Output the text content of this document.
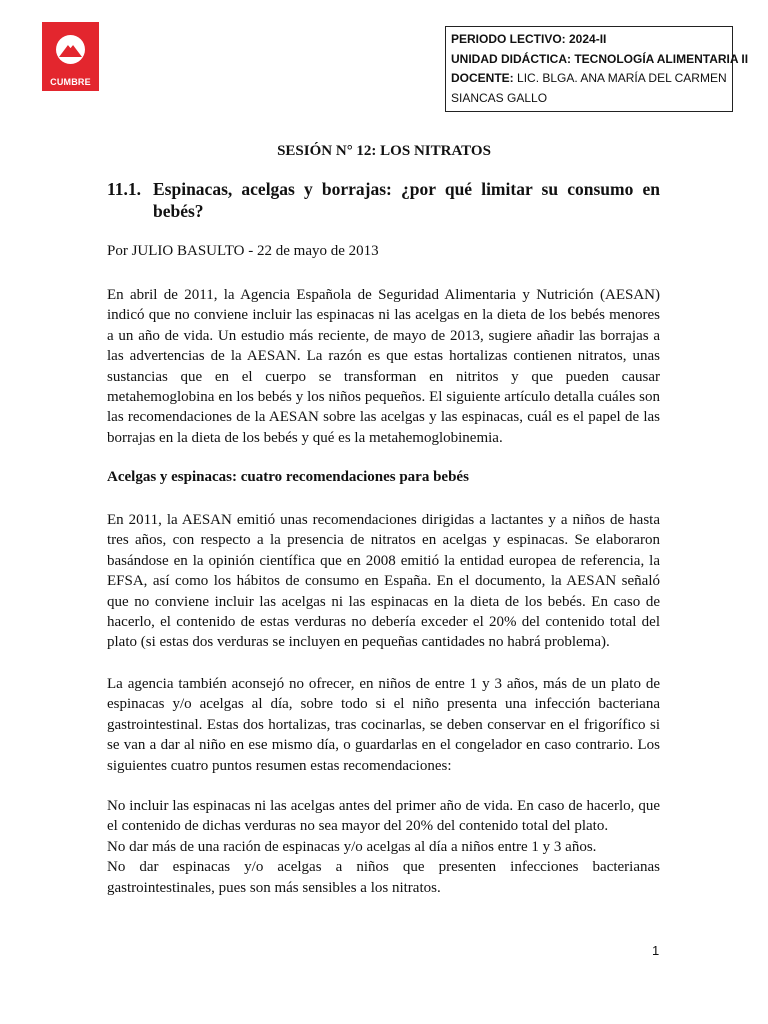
CUMBRE
PERIODO LECTIVO: 2024-II
UNIDAD DIDÁCTICA: TECNOLOGÍA ALIMENTARIA II
DOCENTE: LIC. BLGA. ANA MARÍA DEL CARMEN SIANCAS GALLO
SESIÓN N° 12: LOS NITRATOS
11.1. Espinacas, acelgas y borrajas: ¿por qué limitar su consumo en bebés?
Por JULIO BASULTO - 22 de mayo de 2013

En abril de 2011, la Agencia Española de Seguridad Alimentaria y Nutrición (AESAN) indicó que no conviene incluir las espinacas ni las acelgas en la dieta de los bebés menores a un año de vida. Un estudio más reciente, de mayo de 2013, sugiere añadir las borrajas a las advertencias de la AESAN. La razón es que estas hortalizas contienen nitratos, unas sustancias que en el cuerpo se transforman en nitritos y que pueden causar metahemoglobina en los bebés y los niños pequeños. El siguiente artículo detalla cuáles son las recomendaciones de la AESAN sobre las acelgas y las espinacas, cuál es el papel de las borrajas en la dieta de los bebés y qué es la metahemoglobinemia.

Acelgas y espinacas: cuatro recomendaciones para bebés

En 2011, la AESAN emitió unas recomendaciones dirigidas a lactantes y a niños de hasta tres años, con respecto a la presencia de nitratos en acelgas y espinacas. Se elaboraron basándose en la opinión científica que en 2008 emitió la entidad europea de referencia, la EFSA, así como los hábitos de consumo en España. En el documento, la AESAN señaló que no conviene incluir las acelgas ni las espinacas en la dieta de los bebés. En caso de hacerlo, el contenido de estas verduras no debería exceder el 20% del contenido total del plato (si estas dos verduras se incluyen en pequeñas cantidades no habrá problema).

La agencia también aconsejó no ofrecer, en niños de entre 1 y 3 años, más de un plato de espinacas y/o acelgas al día, sobre todo si el niño presenta una infección bacteriana gastrointestinal. Estas dos hortalizas, tras cocinarlas, se deben conservar en el frigorífico si se van a dar al niño en ese mismo día, o guardarlas en el congelador en caso contrario. Los siguientes cuatro puntos resumen estas recomendaciones:

No incluir las espinacas ni las acelgas antes del primer año de vida. En caso de hacerlo, que el contenido de dichas verduras no sea mayor del 20% del contenido total del plato.
No dar más de una ración de espinacas y/o acelgas al día a niños entre 1 y 3 años.
No dar espinacas y/o acelgas a niños que presenten infecciones bacterianas gastrointestinales, pues son más sensibles a los nitratos.
1
